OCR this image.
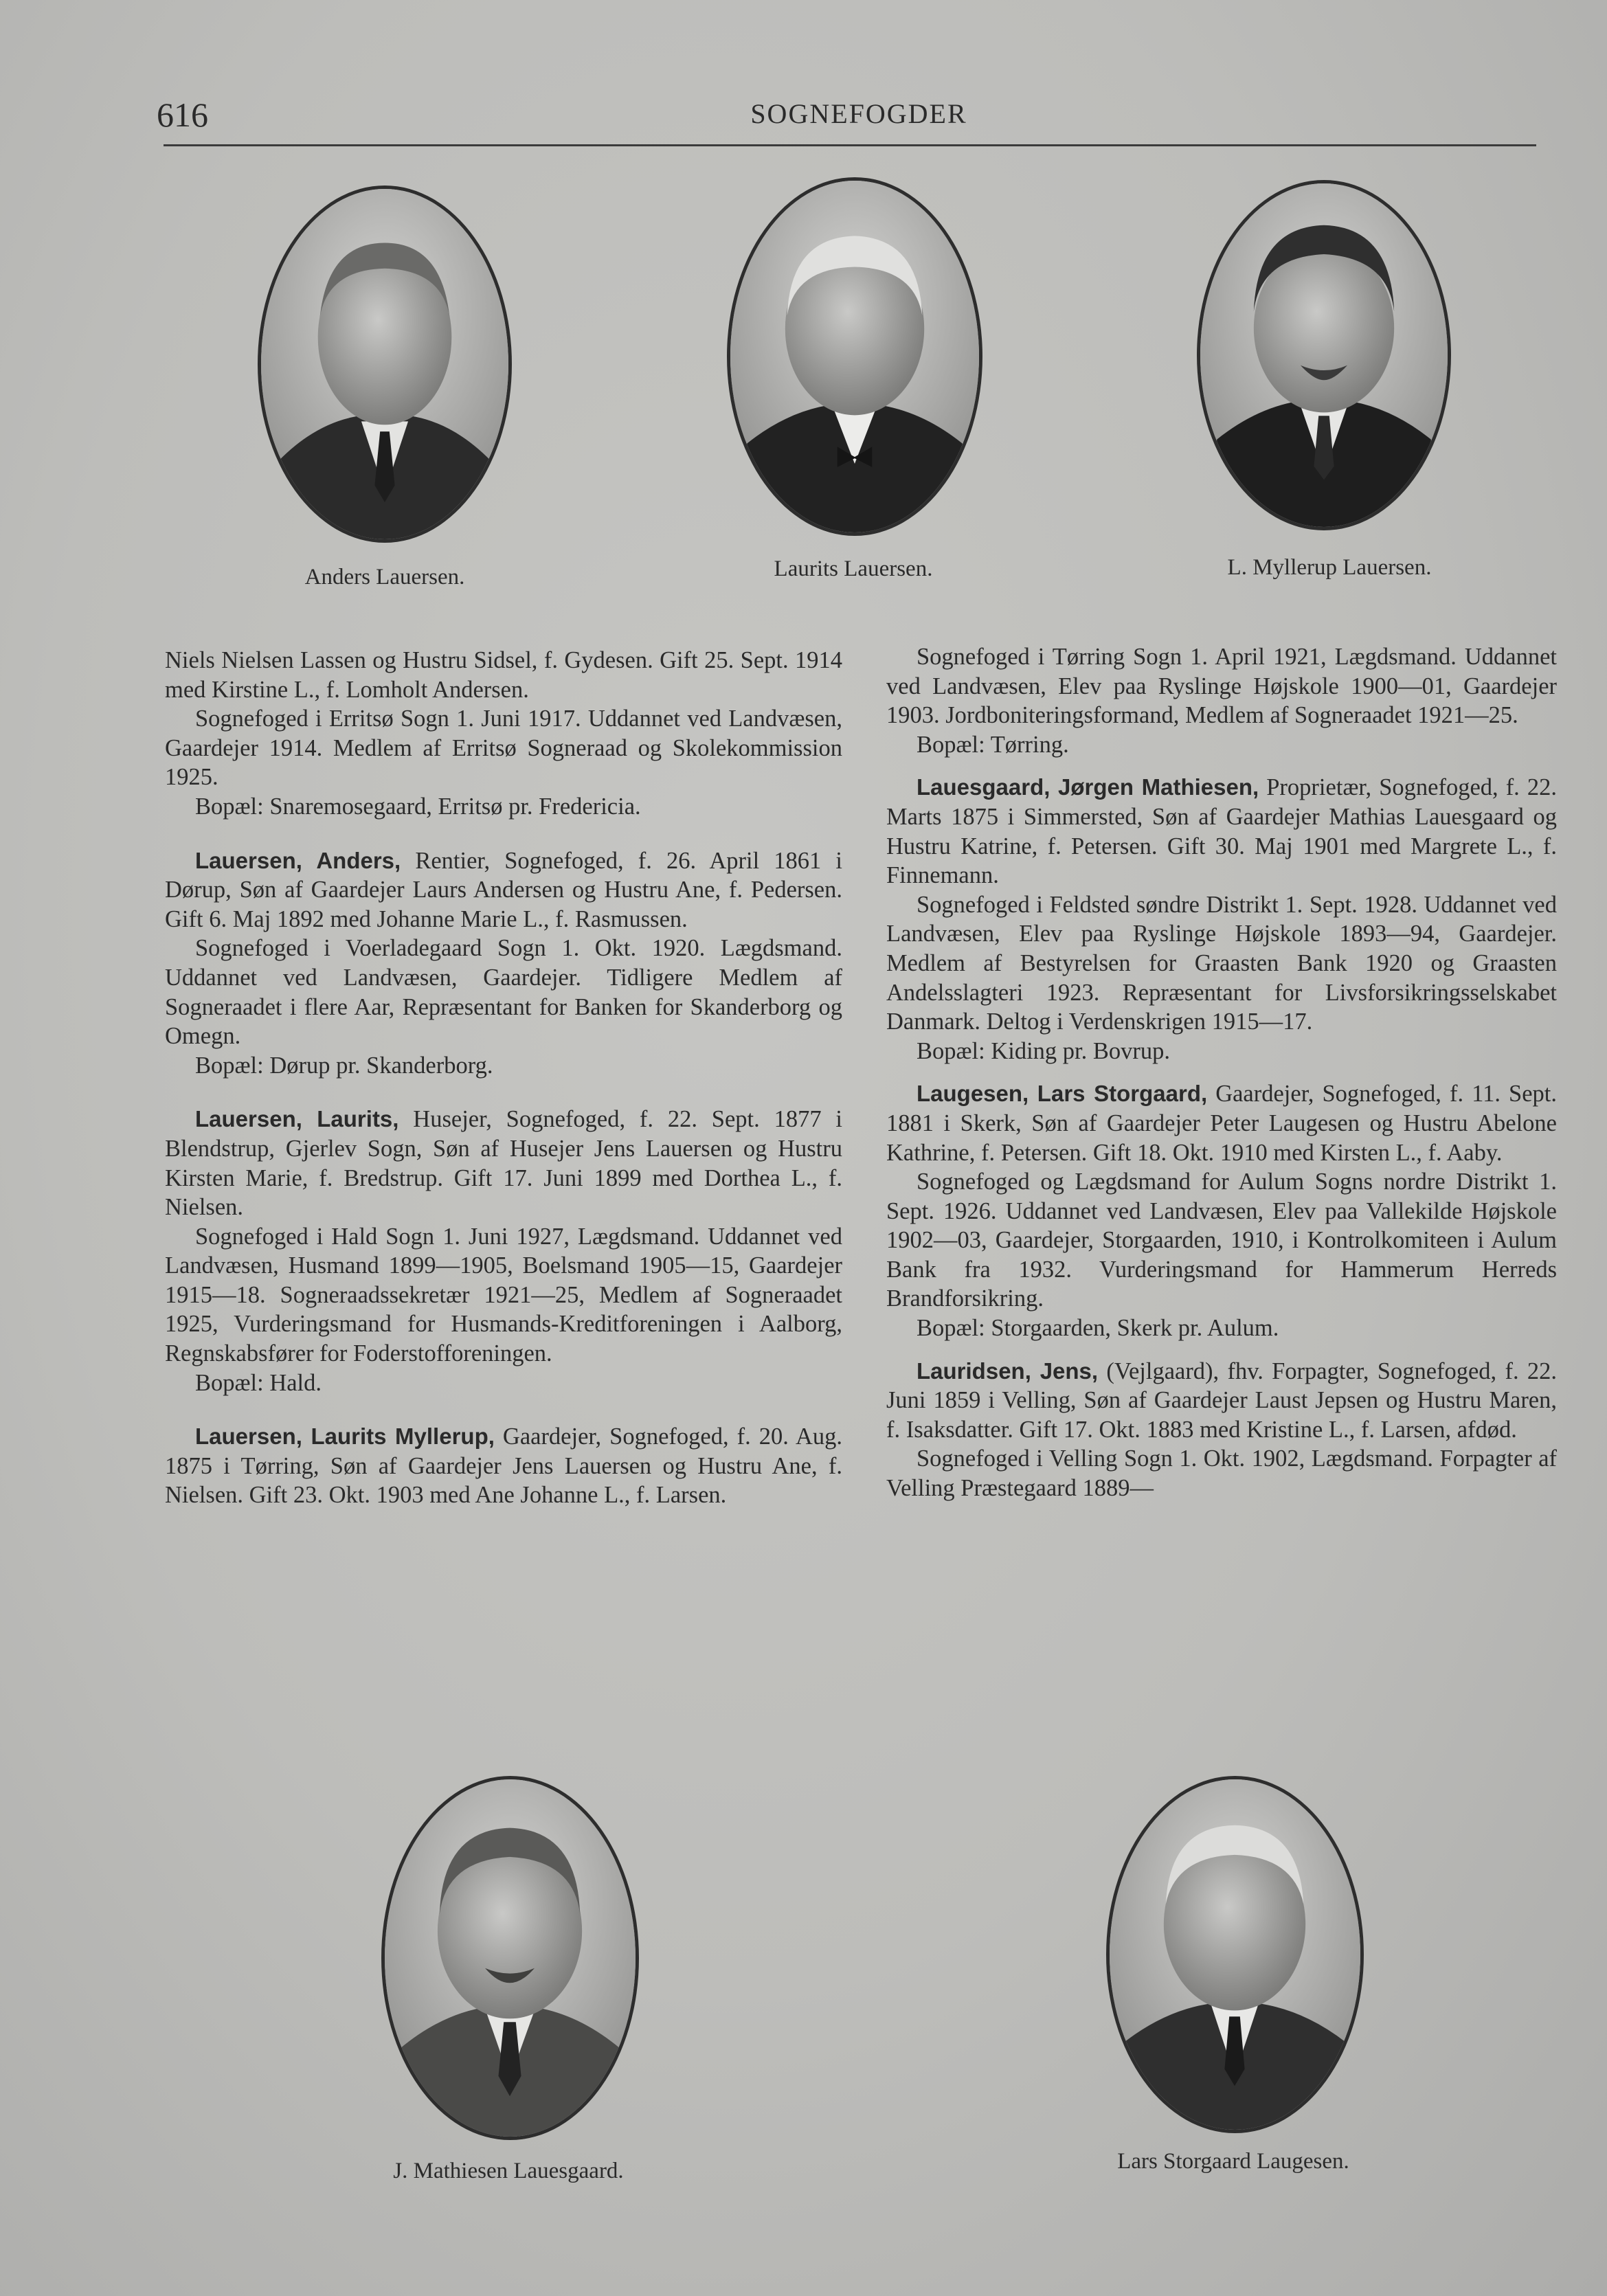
616	SOGNEFOGDER
Anders Lauersen.	Laurits Lauersen.	L. Myllerup Lauersen.

Niels Nielsen Lassen og Hustru Sidsel, f. Gydesen. Gift 25. Sept. 1914 med Kirstine L., f. Lomholt Andersen.

Sognefoged i Erritsø Sogn 1. Juni 1917. Uddannet ved Landvæsen, Gaardejer 1914. Medlem af Erritsø Sogneraad og Skolekommission 1925.

Bopæl: Snaremosegaard, Erritsø pr. Fredericia.

Lauersen, Anders, Rentier, Sognefoged, f. 26. April 1861 i Dørup, Søn af Gaardejer Laurs Andersen og Hustru Ane, f. Pedersen. Gift 6. Maj 1892 med Johanne Marie L., f. Rasmussen.

Sognefoged i Voerladegaard Sogn 1. Okt. 1920. Lægdsmand. Uddannet ved Landvæsen, Gaardejer. Tidligere Medlem af Sogneraadet i flere Aar, Repræsentant for Banken for Skanderborg og Omegn.

Bopæl: Dørup pr. Skanderborg.

Lauersen, Laurits, Husejer, Sognefoged, f. 22. Sept. 1877 i Blendstrup, Gjerlev Sogn, Søn af Husejer Jens Lauersen og Hustru Kirsten Marie, f. Bredstrup. Gift 17. Juni 1899 med Dorthea L., f. Nielsen.

Sognefoged i Hald Sogn 1. Juni 1927, Lægdsmand. Uddannet ved Landvæsen, Husmand 1899—1905, Boelsmand 1905—15, Gaardejer 1915—18. Sogneraadssekretær 1921—25, Medlem af Sogneraadet 1925, Vurderingsmand for Husmands-Kreditforeningen i Aalborg, Regnskabsfører for Foderstofforeningen.

Bopæl: Hald.

Lauersen, Laurits Myllerup, Gaardejer, Sognefoged, f. 20. Aug. 1875 i Tørring, Søn af Gaardejer Jens Lauersen og Hustru Ane, f. Nielsen. Gift 23. Okt. 1903 med Ane Johanne L., f. Larsen.

Sognefoged i Tørring Sogn 1. April 1921, Lægdsmand. Uddannet ved Landvæsen, Elev paa Ryslinge Højskole 1900—01, Gaardejer 1903. Jordboniteringsformand, Medlem af Sogneraadet 1921—25.

Bopæl: Tørring.

Lauesgaard, Jørgen Mathiesen, Proprietær, Sognefoged, f. 22. Marts 1875 i Simmersted, Søn af Gaardejer Mathias Lauesgaard og Hustru Katrine, f. Petersen. Gift 30. Maj 1901 med Margrete L., f. Finnemann.

Sognefoged i Feldsted søndre Distrikt 1. Sept. 1928. Uddannet ved Landvæsen, Elev paa Ryslinge Højskole 1893—94, Gaardejer. Medlem af Bestyrelsen for Graasten Bank 1920 og Graasten Andelsslagteri 1923. Repræsentant for Livsforsikringsselskabet Danmark. Deltog i Verdenskrigen 1915—17.

Bopæl: Kiding pr. Bovrup.

Laugesen, Lars Storgaard, Gaardejer, Sognefoged, f. 11. Sept. 1881 i Skerk, Søn af Gaardejer Peter Laugesen og Hustru Abelone Kathrine, f. Petersen. Gift 18. Okt. 1910 med Kirsten L., f. Aaby.

Sognefoged og Lægdsmand for Aulum Sogns nordre Distrikt 1. Sept. 1926. Uddannet ved Landvæsen, Elev paa Vallekilde Højskole 1902—03, Gaardejer, Storgaarden, 1910, i Kontrolkomiteen i Aulum Bank fra 1932. Vurderingsmand for Hammerum Herreds Brandforsikring.

Bopæl: Storgaarden, Skerk pr. Aulum.

Lauridsen, Jens, (Vejlgaard), fhv. Forpagter, Sognefoged, f. 22. Juni 1859 i Velling, Søn af Gaardejer Laust Jepsen og Hustru Maren, f. Isaksdatter. Gift 17. Okt. 1883 med Kristine L., f. Larsen, afdød.

Sognefoged i Velling Sogn 1. Okt. 1902, Lægdsmand. Forpagter af Velling Præstegaard 1889—

J. Mathiesen Lauesgaard.	Lars Storgaard Laugesen.
